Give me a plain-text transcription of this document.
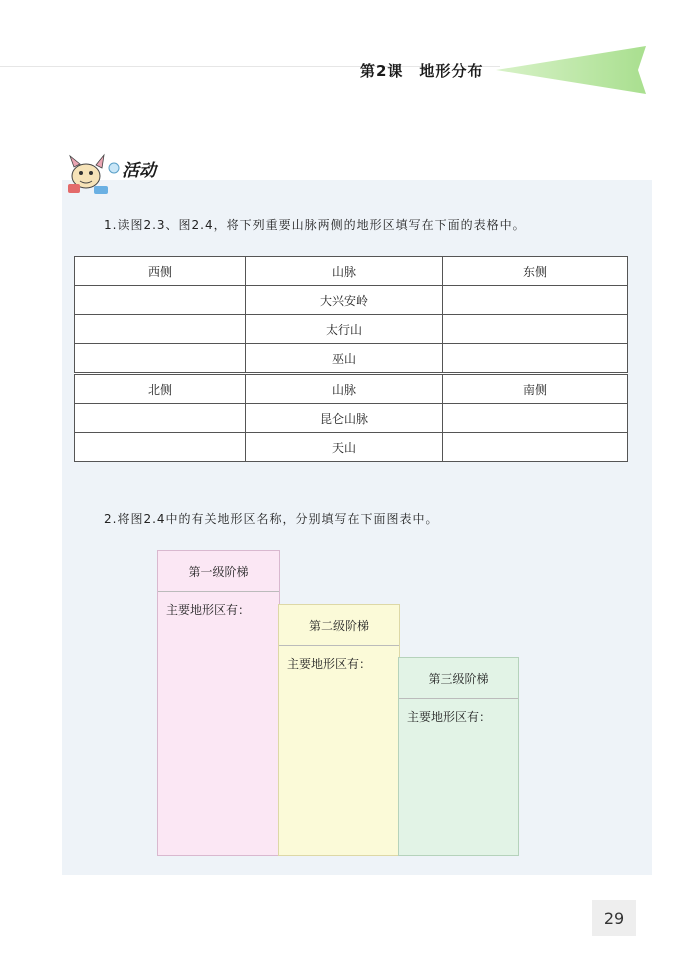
第2课　地形分布
活动
1.读图2.3、图2.4，将下列重要山脉两侧的地形区填写在下面的表格中。
西侧	山脉	东侧
	大兴安岭	
	太行山	
	巫山	
北侧	山脉	南侧
	昆仑山脉	
	天山	
2.将图2.4中的有关地形区名称，分别填写在下面图表中。
第一级阶梯
主要地形区有：
第二级阶梯
主要地形区有：
第三级阶梯
主要地形区有：
29
